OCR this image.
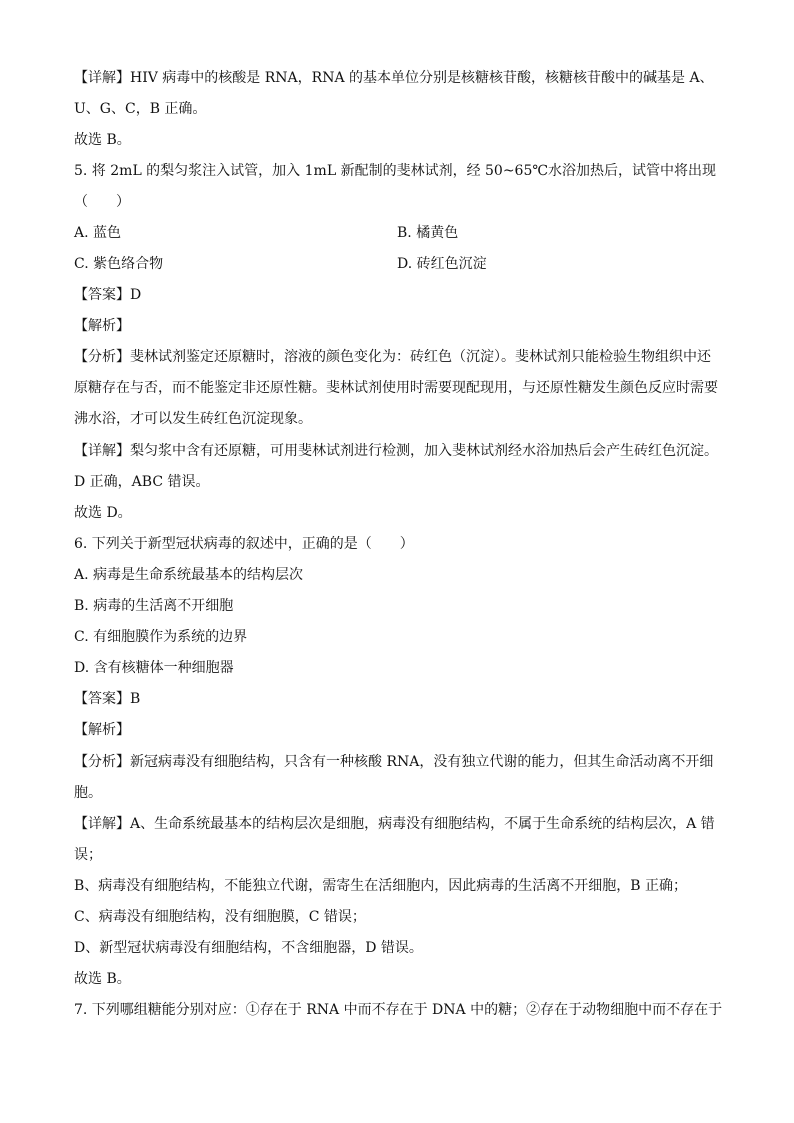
【详解】HIV 病毒中的核酸是 RNA，RNA 的基本单位分别是核糖核苷酸，核糖核苷酸中的碱基是 A、
U、G、C，B 正确。
故选 B。
5. 将 2mL 的梨匀浆注入试管，加入 1mL 新配制的斐林试剂，经 50~65℃水浴加热后，试管中将出现
（　　）
A. 蓝色	B. 橘黄色
C. 紫色络合物	D. 砖红色沉淀
【答案】D
【解析】
【分析】斐林试剂鉴定还原糖时，溶液的颜色变化为：砖红色（沉淀）。斐林试剂只能检验生物组织中还
原糖存在与否，而不能鉴定非还原性糖。斐林试剂使用时需要现配现用，与还原性糖发生颜色反应时需要
沸水浴，才可以发生砖红色沉淀现象。
【详解】梨匀浆中含有还原糖，可用斐林试剂进行检测，加入斐林试剂经水浴加热后会产生砖红色沉淀。
D 正确，ABC 错误。
故选 D。
6. 下列关于新型冠状病毒的叙述中，正确的是（　　）
A. 病毒是生命系统最基本的结构层次
B. 病毒的生活离不开细胞
C. 有细胞膜作为系统的边界
D. 含有核糖体一种细胞器
【答案】B
【解析】
【分析】新冠病毒没有细胞结构，只含有一种核酸 RNA，没有独立代谢的能力，但其生命活动离不开细
胞。
【详解】A、生命系统最基本的结构层次是细胞，病毒没有细胞结构，不属于生命系统的结构层次，A 错
误；
B、病毒没有细胞结构，不能独立代谢，需寄生在活细胞内，因此病毒的生活离不开细胞，B 正确；
C、病毒没有细胞结构，没有细胞膜，C 错误；
D、新型冠状病毒没有细胞结构，不含细胞器，D 错误。
故选 B。
7. 下列哪组糖能分别对应：①存在于 RNA 中而不存在于 DNA 中的糖；②存在于动物细胞中而不存在于
